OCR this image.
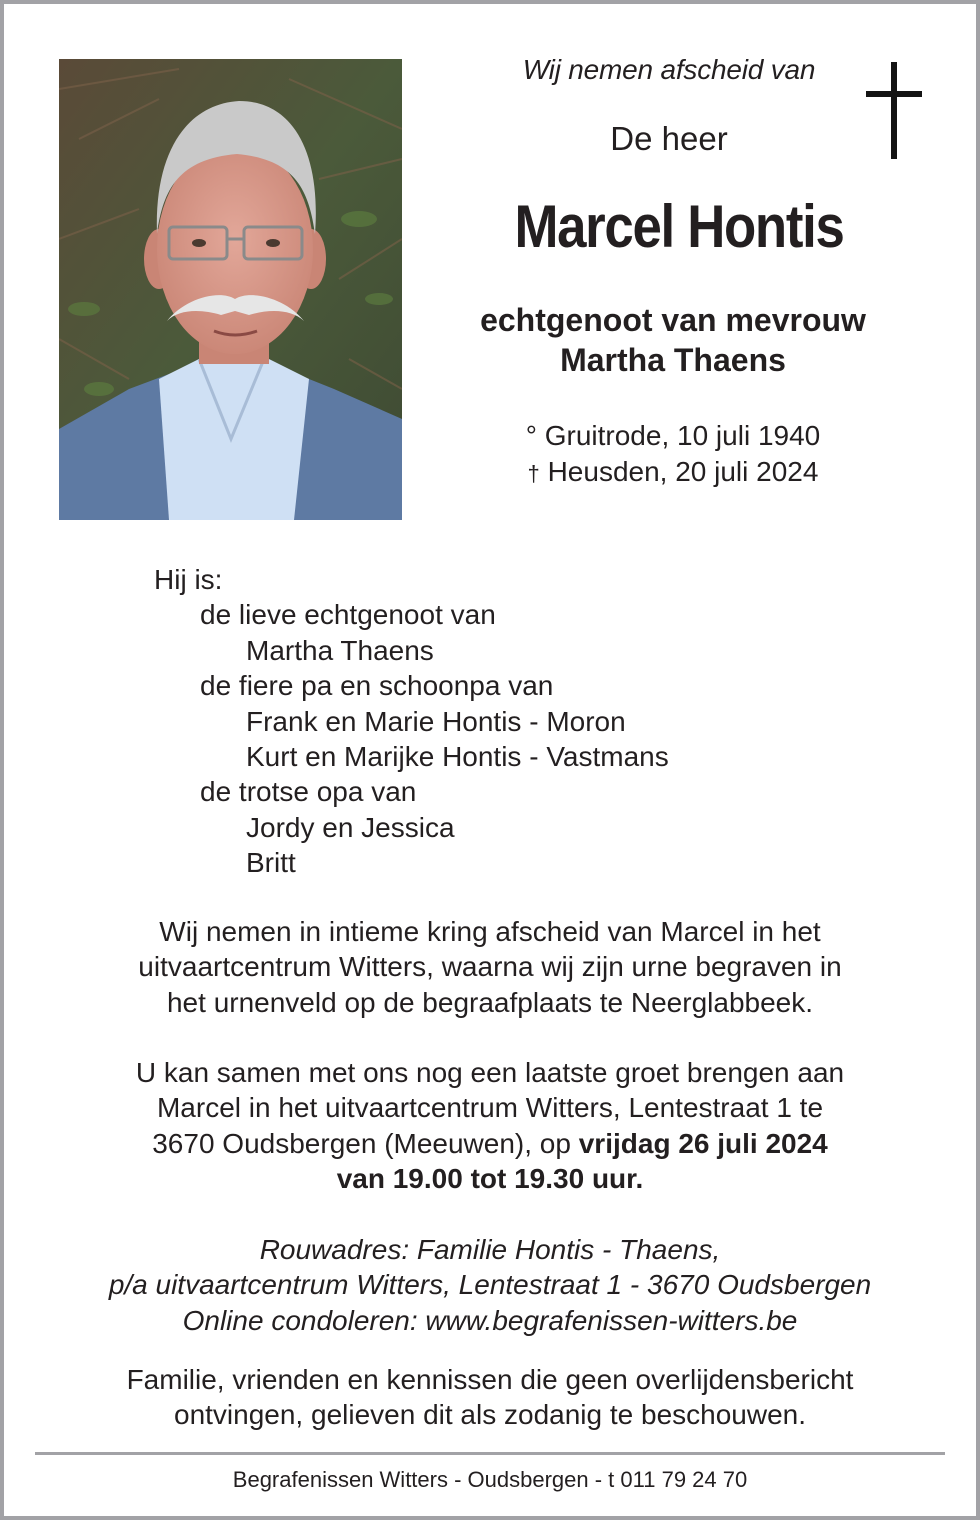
Wij nemen afscheid van
De heer
Marcel Hontis
echtgenoot van mevrouw
Martha Thaens
° Gruitrode, 10 juli 1940
† Heusden, 20 juli 2024
Hij is:
de lieve echtgenoot van
Martha Thaens
de fiere pa en schoonpa van
Frank en Marie Hontis - Moron
Kurt en Marijke Hontis - Vastmans
de trotse opa van
Jordy en Jessica
Britt
Wij nemen in intieme kring afscheid van Marcel in het
uitvaartcentrum Witters, waarna wij zijn urne begraven in
het urnenveld op de begraafplaats te Neerglabbeek.
U kan samen met ons nog een laatste groet brengen aan
Marcel in het uitvaartcentrum Witters, Lentestraat 1 te
3670 Oudsbergen (Meeuwen), op vrijdag 26 juli 2024
van 19.00 tot 19.30 uur.
Rouwadres: Familie Hontis - Thaens,
p/a uitvaartcentrum Witters, Lentestraat 1 - 3670 Oudsbergen
Online condoleren: www.begrafenissen-witters.be
Familie, vrienden en kennissen die geen overlijdensbericht
ontvingen, gelieven dit als zodanig te beschouwen.
Begrafenissen Witters - Oudsbergen - t 011 79 24 70
